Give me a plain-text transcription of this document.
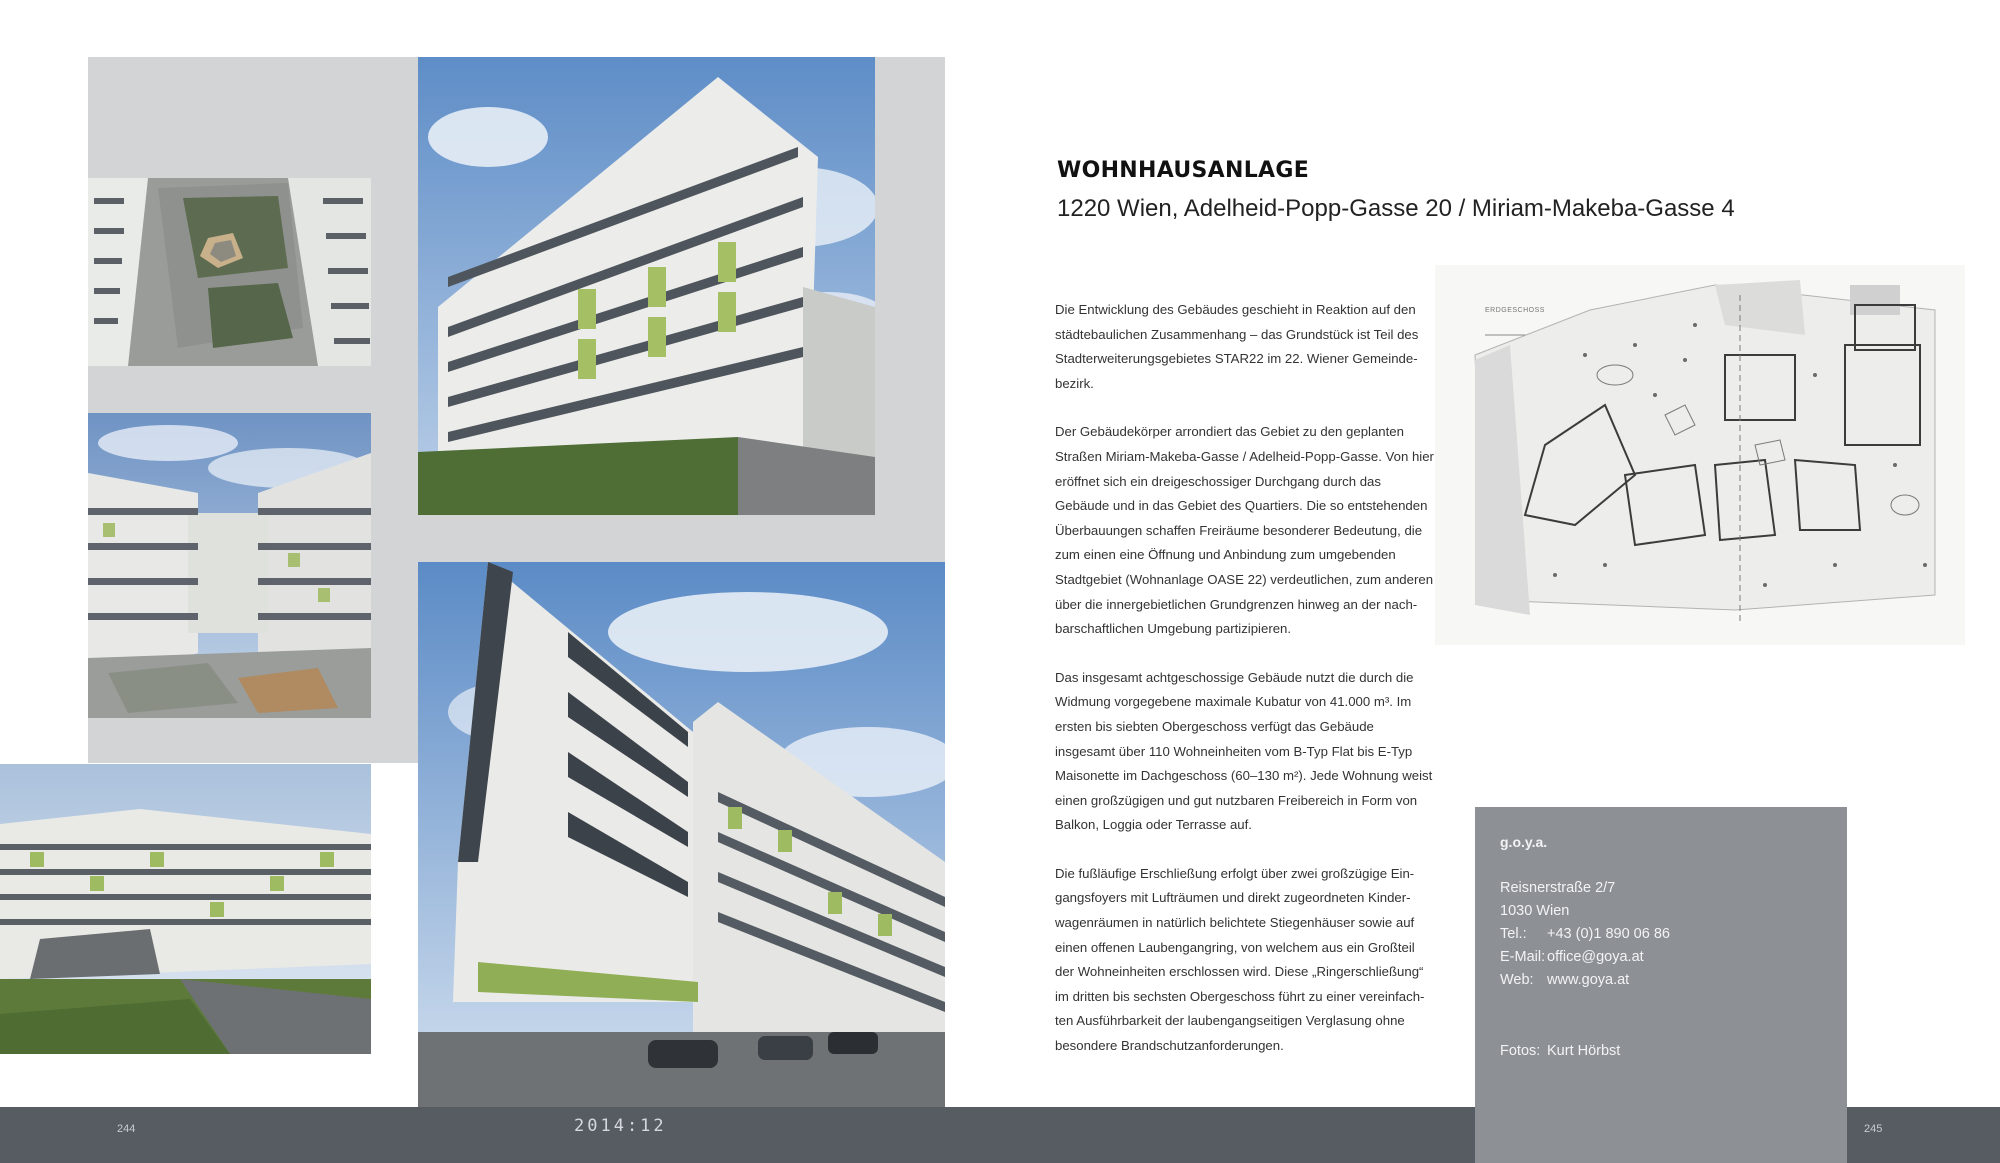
WOHNHAUSANLAGE
1220 Wien, Adelheid-Popp-Gasse 20 / Miriam-Makeba-Gasse 4

Die Entwicklung des Gebäudes geschieht in Reaktion auf den städtebaulichen Zusammenhang – das Grundstück ist Teil des Stadterweiterungsgebietes STAR22 im 22. Wiener Gemeinde-bezirk.

Der Gebäudekörper arrondiert das Gebiet zu den geplanten Straßen Miriam-Makeba-Gasse / Adelheid-Popp-Gasse. Von hier eröffnet sich ein dreigeschossiger Durchgang durch das Gebäude und in das Gebiet des Quartiers. Die so entstehenden Überbauungen schaffen Freiräume besonderer Bedeutung, die zum einen eine Öffnung und Anbindung zum umgebenden Stadtgebiet (Wohnanlage OASE 22) verdeutlichen, zum anderen über die innergebietlichen Grundgrenzen hinweg an der nach-barschaftlichen Umgebung partizipieren.

Das insgesamt achtgeschossige Gebäude nutzt die durch die Widmung vorgegebene maximale Kubatur von 41.000 m³. Im ersten bis siebten Obergeschoss verfügt das Gebäude insgesamt über 110 Wohneinheiten vom B-Typ Flat bis E-Typ Maisonette im Dachgeschoss (60–130 m²). Jede Wohnung weist einen großzügigen und gut nutzbaren Freibereich in Form von Balkon, Loggia oder Terrasse auf.

Die fußläufige Erschließung erfolgt über zwei großzügige Ein-gangsfoyers mit Lufträumen und direkt zugeordneten Kinder-wagenräumen in natürlich belichtete Stiegenhäuser sowie auf einen offenen Laubengangring, von welchem aus ein Großteil der Wohneinheiten erschlossen wird. Diese „Ringerschließung“ im dritten bis sechsten Obergeschoss führt zu einer vereinfach-ten Ausführbarkeit der laubengangseitigen Verglasung ohne besondere Brandschutzanforderungen.

ERDGESCHOSS
g.o.y.a.
Reisnerstraße 2/7
1030 Wien
Tel.: +43 (0)1 890 06 86
E-Mail: office@goya.at
Web: www.goya.at
Fotos: Kurt Hörbst
244	2014:12	245
